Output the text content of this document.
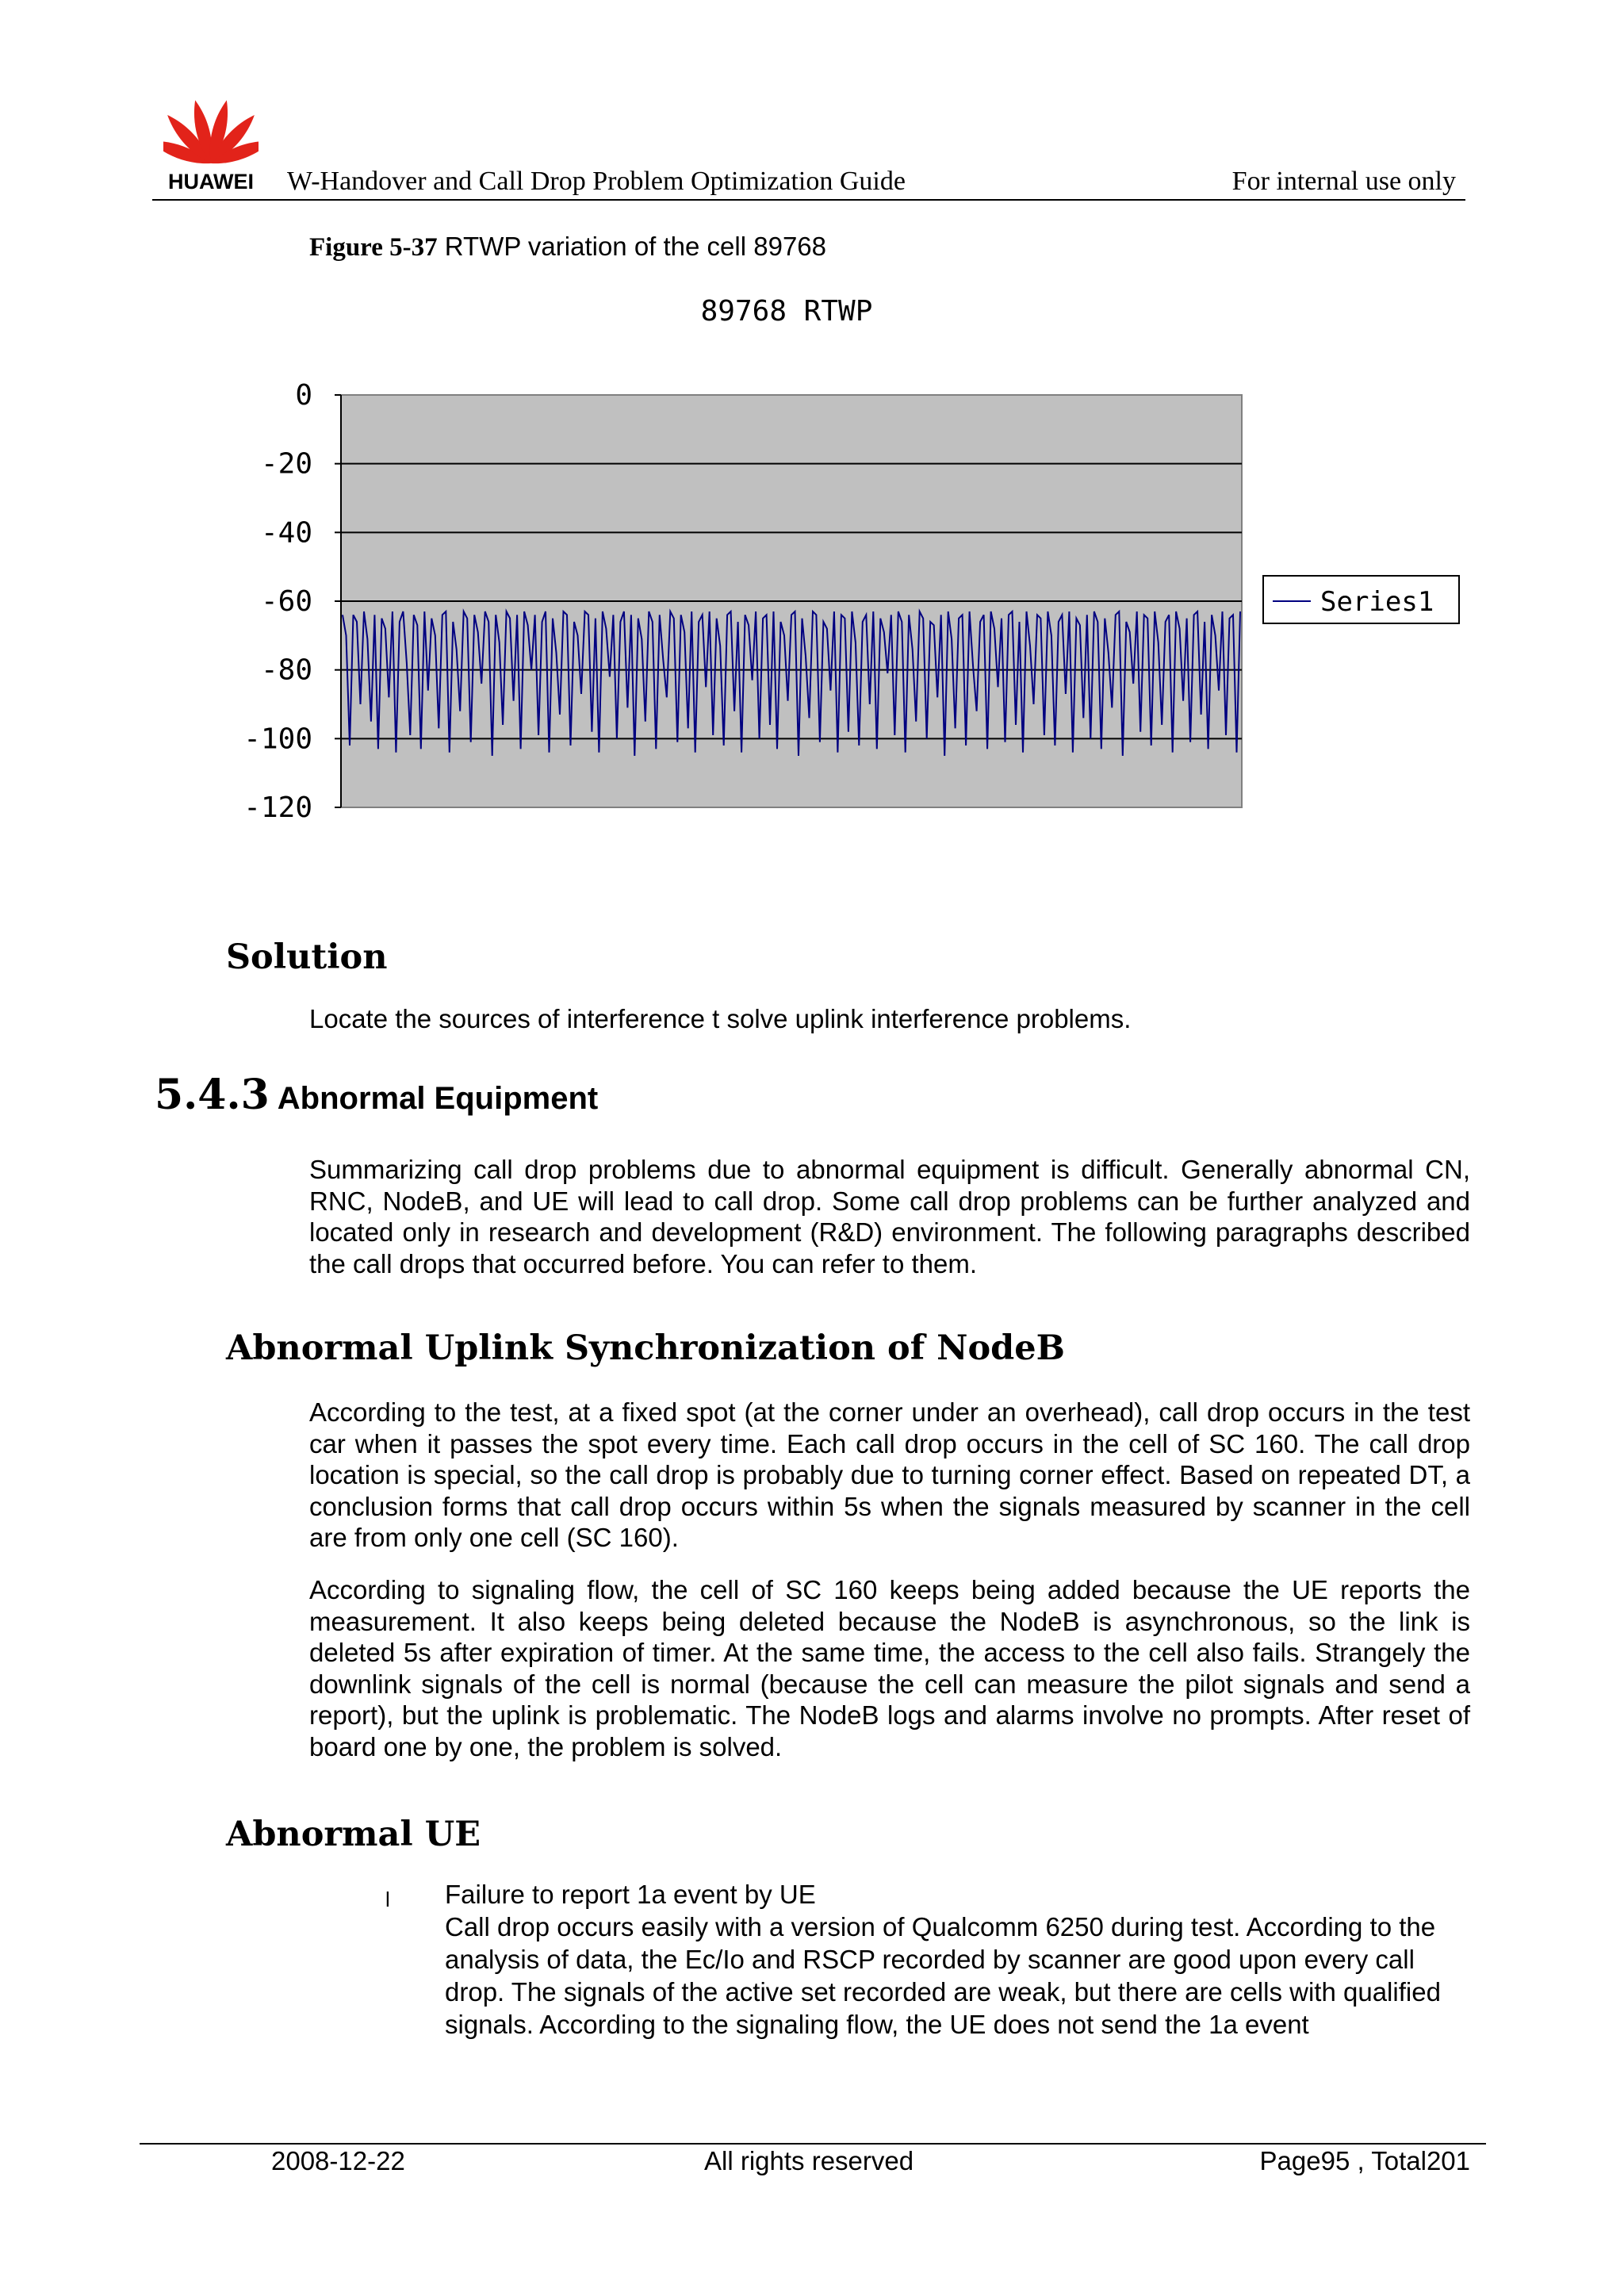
HUAWEI	W-Handover and Call Drop Problem Optimization Guide	For internal use only
Figure 5-37 RTWP variation of the cell 89768
89768 RTWP
0
-20
-40
-60
-80
-100
-120
Series1
Solution
Locate the sources of interference t solve uplink interference problems.
5.4.3 Abnormal Equipment
Summarizing call drop problems due to abnormal equipment is difficult. Generally abnormal CN, RNC, NodeB, and UE will lead to call drop. Some call drop problems can be further analyzed and located only in research and development (R&D) environment. The following paragraphs described the call drops that occurred before. You can refer to them.
Abnormal Uplink Synchronization of NodeB
According to the test, at a fixed spot (at the corner under an overhead), call drop occurs in the test car when it passes the spot every time. Each call drop occurs in the cell of SC 160. The call drop location is special, so the call drop is probably due to turning corner effect. Based on repeated DT, a conclusion forms that call drop occurs within 5s when the signals measured by scanner in the cell are from only one cell (SC 160).
According to signaling flow, the cell of SC 160 keeps being added because the UE reports the measurement. It also keeps being deleted because the NodeB is asynchronous, so the link is deleted 5s after expiration of timer. At the same time, the access to the cell also fails. Strangely the downlink signals of the cell is normal (because the cell can measure the pilot signals and send a report), but the uplink is problematic. The NodeB logs and alarms involve no prompts. After reset of board one by one, the problem is solved.
Abnormal UE
l Failure to report 1a event by UE
Call drop occurs easily with a version of Qualcomm 6250 during test. According to the analysis of data, the Ec/Io and RSCP recorded by scanner are good upon every call drop. The signals of the active set recorded are weak, but there are cells with qualified signals. According to the signaling flow, the UE does not send the 1a event
2008-12-22	All rights reserved	Page95 , Total201
